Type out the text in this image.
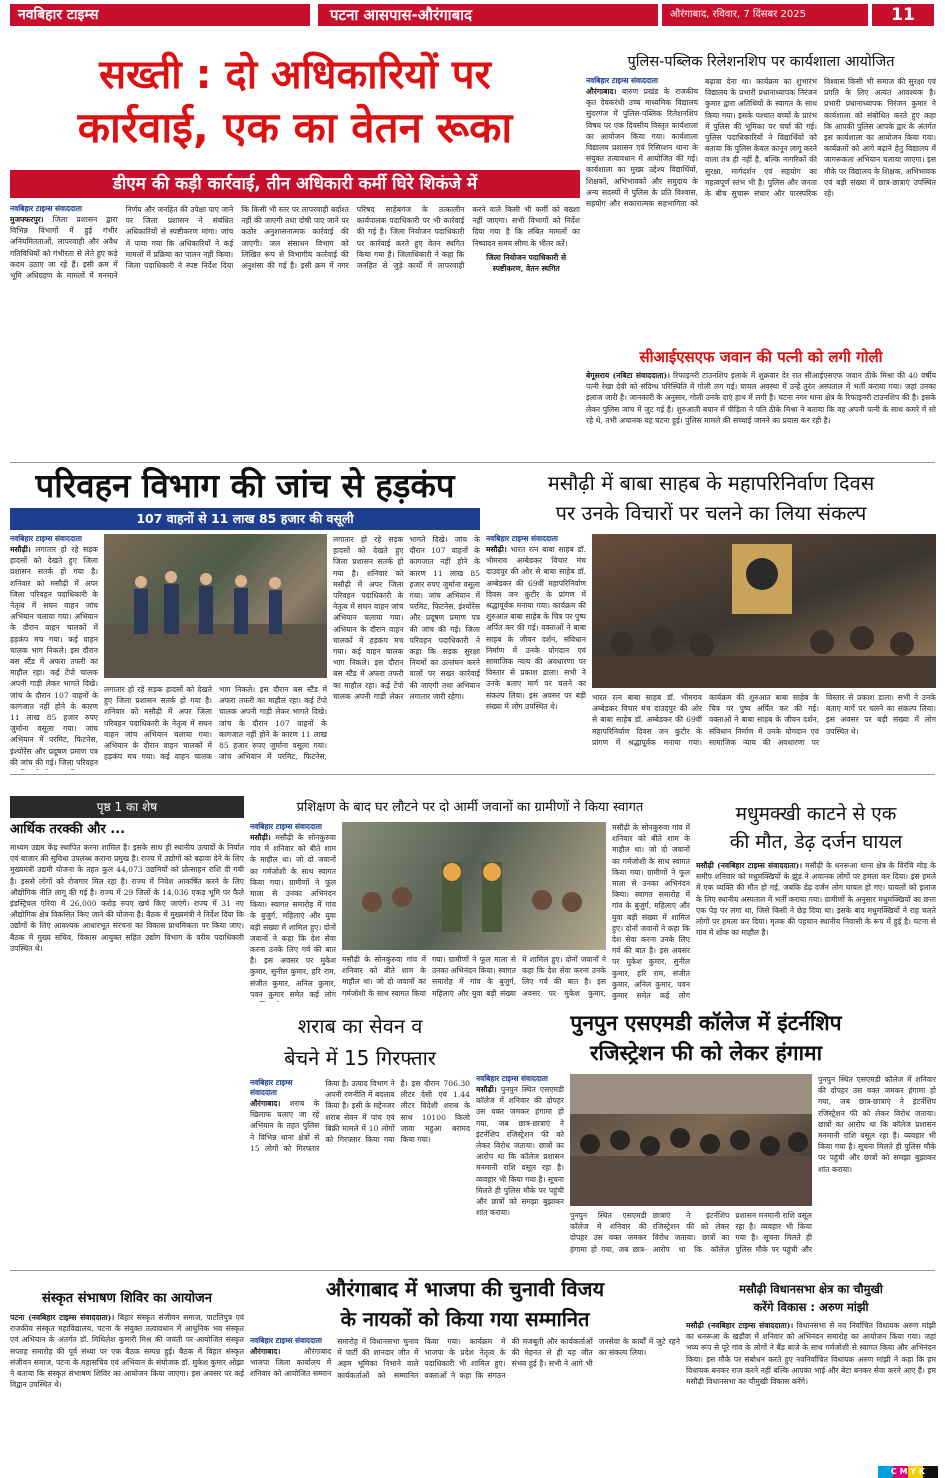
नवबिहार टाइम्स	पटना आसपास-औरंगाबाद	औरंगाबाद, रविवार, 7 दिंसबर 2025	11
सख्ती : दो अधिकारियों पर
कार्रवाई, एक का वेतन रूका
डीएम की कड़ी कार्रवाई, तीन अधिकारी कर्मी घिरे शिकंजे में
नवबिहार टाइम्स संवाददाता
मुजफ्फरपुर। जिला प्रशासन द्वारा विभिन्न विभागों में हुई गंभीर अनियमितताओं, लापरवाही और अवैध गतिविधियों को गंभीरता से लेते हुए कड़े कदम उठाए जा रहे हैं। इसी क्रम में भूमि अधिग्रहण के मामलों में मनमाने निर्णय और जनहित की उपेक्षा पाए जाने पर जिला प्रशासन ने संबंधित अधिकारियों से स्पष्टीकरण मांगा। जांच में पाया गया कि अधिकारियों ने कई मामलों में प्रक्रिया का पालन नहीं किया। जिला पदाधिकारी ने स्पष्ट निर्देश दिया कि किसी भी स्तर पर लापरवाही बर्दाश्त नहीं की जाएगी तथा दोषी पाए जाने पर कठोर अनुशासनात्मक कार्रवाई की जाएगी। जल संसाधन विभाग को लिखित रूप से विभागीय कार्रवाई की अनुशंसा की गई है। इसी क्रम में नगर परिषद साहेबगंज के तत्कालीन कार्यपालक पदाधिकारी पर भी कार्रवाई की गई है। जिला नियोजन पदाधिकारी पर कार्रवाई करते हुए वेतन स्थगित किया गया है। जिलाधिकारी ने कहा कि जनहित से जुड़े कार्यों में लापरवाही करने वाले किसी भी कर्मी को बख्शा नहीं जाएगा। सभी विभागों को निर्देश दिया गया है कि लंबित मामलों का निष्पादन समय सीमा के भीतर करें।
जिला नियोजन पदाधिकारी से स्पष्टीकरण, वेतन स्थगित
पुलिस-पब्लिक रिलेशनशिप पर कार्यशाला आयोजित
नवबिहार टाइम्स संवाददाता
औरंगाबाद। बारुण प्रखंड के राजकीय कृत देवकरंधी उच्च माध्यमिक विद्यालय सुंदरगंज में पुलिस-पब्लिक रिलेशनशिप विषय पर एक दिवसीय विस्तृत कार्यशाला का आयोजन किया गया। कार्यशाला विद्यालय प्रशासन एवं रिसिप्शन थाना के संयुक्त तत्वावधान में आयोजित की गई। कार्यशाला का मुख्य उद्देश्य विद्यार्थियों, शिक्षकों, अभिभावकों और समुदाय के अन्य सदस्यों में पुलिस के प्रति विश्वास, सहयोग और सकारात्मक सहभागिता को बढ़ावा देना था। कार्यक्रम का शुभारंभ विद्यालय के प्रभारी प्रधानाध्यापक निरंजन कुमार द्वारा अतिथियों के स्वागत के साथ किया गया। इसके पश्चात बच्चों के प्रारंभ में पुलिस की भूमिका पर चर्चा की गई। पुलिस पदाधिकारियों ने विद्यार्थियों को बताया कि पुलिस केवल कानून लागू करने वाला तंत्र ही नहीं है, बल्कि नागरिकों की सुरक्षा, मार्गदर्शन एवं सहयोग का महत्वपूर्ण स्तंभ भी है। पुलिस और जनता के बीच सुचारू संचार और पारस्परिक विश्वास किसी भी समाज की सुरक्षा एवं प्रगति के लिए अत्यंत आवश्यक है। प्रभारी प्रधानाध्यापक निरंजन कुमार ने कार्यशाला को संबोधित करते हुए कहा कि आपकी पुलिस आपके द्वार के अंतर्गत इस कार्यशाला का आयोजन किया गया। कार्यक्रमों को आगे बढ़ाने हेतु विद्यालय में जागरूकता अभियान चलाया जाएगा। इस मौके पर विद्यालय के शिक्षक, अभिभावक एवं बड़ी संख्या में छात्र-छात्राएं उपस्थित रहे।
सीआईएसएफ जवान की पत्नी को लगी गोली
बेगूसराय (नबिटा संवाददाता)। रिफाइनरी टाउनशिप इलाके में शुक्रवार देर रात सीआईएसएफ जवान ठीके मिश्रा की 40 वर्षीय पत्नी रेखा देवी को संदिग्ध परिस्थिति में गोली लग गई। घायल अवस्था में उन्हें तुरंत अस्पताल में भर्ती कराया गया। जहां उनका इलाज जारी है। जानकारी के अनुसार, गोली उनके दाएं हाथ में लगी है। घटना नगर थाना क्षेत्र के रिफाइनरी टाउनशिप की है। इसके लेकर पुलिस जांच में जुट गई है। शुरुआती बयान में पीड़िता ने पति ठीके मिश्रा ने बताया कि वह अपनी पत्नी के साथ कमरे में सो रहे थे, तभी अचानक यह घटना हुई। पुलिस मामले की सच्चाई जानने का प्रयास कर रही है।
परिवहन विभाग की जांच से हड़कंप
107 वाहनों से 11 लाख 85 हजार की वसूली
नवबिहार टाइम्स संवाददाता
मसौढ़ी। लगातार हो रहे सड़क हादसों को देखते हुए जिला प्रशासन सतर्क हो गया है। शनिवार को मसौढ़ी में अपर जिला परिवहन पदाधिकारी के नेतृत्व में सघन वाहन जांच अभियान चलाया गया। अभियान के दौरान वाहन चालकों में हड़कंप मच गया। कई वाहन चालक भाग निकले। इस दौरान बस स्टैंड में अफरा तफरी का माहौल रहा। कई टेंपो चालक अपनी गाड़ी लेकर भागते दिखे। जांच के दौरान 107 वाहनों के कागजात नहीं होने के कारण 11 लाख 85 हजार रुपए जुर्माना वसूला गया। जांच अभियान में परमिट, फिटनेस, इंश्योरेंस और प्रदूषण प्रमाण पत्र की जांच की गई। जिला परिवहन
लगातार हो रहे सड़क हादसों को देखते हुए जिला प्रशासन सतर्क हो गया है। शनिवार को मसौढ़ी में अपर जिला परिवहन पदाधिकारी के नेतृत्व में सघन वाहन जांच अभियान चलाया गया। अभियान के दौरान वाहन चालकों में हड़कंप मच गया। कई वाहन चालक भाग निकले। इस दौरान बस स्टैंड में अफरा तफरी का माहौल रहा। कई टेंपो चालक अपनी गाड़ी लेकर भागते दिखे। जांच के दौरान 107 वाहनों के कागजात नहीं होने के कारण 11 लाख 85 हजार रुपए जुर्माना वसूला गया। जांच अभियान में परमिट, फिटनेस,
लगातार हो रहे सड़क हादसों को देखते हुए जिला प्रशासन सतर्क हो गया है। शनिवार को मसौढ़ी में अपर जिला परिवहन पदाधिकारी के नेतृत्व में सघन वाहन जांच अभियान चलाया गया। अभियान के दौरान वाहन चालकों में हड़कंप मच गया। कई वाहन चालक भाग निकले। इस दौरान बस स्टैंड में अफरा तफरी का माहौल रहा। कई टेंपो चालक अपनी गाड़ी लेकर भागते दिखे। जांच के दौरान 107 वाहनों के कागजात नहीं होने के कारण 11 लाख 85 हजार रुपए जुर्माना वसूला गया। जांच अभियान में परमिट, फिटनेस, इंश्योरेंस और प्रदूषण प्रमाण पत्र की जांच की गई। जिला परिवहन पदाधिकारी ने कहा कि सड़क सुरक्षा नियमों का उल्लंघन करने वालों पर सख्त कार्रवाई की जाएगी तथा अभियान लगातार जारी रहेगा।
मसौढ़ी में बाबा साहब के महापरिनिर्वाण दिवस
पर उनके विचारों पर चलने का लिया संकल्प
नवबिहार टाइम्स संवाददाता
मसौढ़ी। भारत रत्न बाबा साहब डॉ. भीमराव अम्बेडकर विचार मंच दाउदपुर की ओर से बाबा साहेब डॉ. अम्बेडकर की 69वीं महापरिनिर्वाण दिवस जन कुटीर के प्रांगण में श्रद्धापूर्वक मनाया गया। कार्यक्रम की शुरुआत बाबा साहेब के चित्र पर पुष्प अर्पित कर की गई। वक्ताओं ने बाबा साहब के जीवन दर्शन, संविधान निर्माण में उनके योगदान एवं सामाजिक न्याय की अवधारणा पर विस्तार से प्रकाश डाला। सभी ने उनके बताए मार्ग पर चलने का संकल्प लिया। इस अवसर पर बड़ी संख्या में लोग उपस्थित थे।
भारत रत्न बाबा साहब डॉ. भीमराव अम्बेडकर विचार मंच दाउदपुर की ओर से बाबा साहेब डॉ. अम्बेडकर की 69वीं महापरिनिर्वाण दिवस जन कुटीर के प्रांगण में श्रद्धापूर्वक मनाया गया। कार्यक्रम की शुरुआत बाबा साहेब के चित्र पर पुष्प अर्पित कर की गई। वक्ताओं ने बाबा साहब के जीवन दर्शन, संविधान निर्माण में उनके योगदान एवं सामाजिक न्याय की अवधारणा पर विस्तार से प्रकाश डाला। सभी ने उनके बताए मार्ग पर चलने का संकल्प लिया। इस अवसर पर बड़ी संख्या में लोग उपस्थित थे।
पृष्ठ 1 का शेष
आर्थिक तरक्की और ...
माध्यम उद्यम केंद्र स्थापित करना शामिल है। इसके साथ ही स्थानीय उत्पादों के निर्यात एवं बाजार की सुविधा उपलब्ध कराना प्रमुख है। राज्य में उद्योगों को बढ़ावा देने के लिए मुख्यमंत्री उद्यमी योजना के तहत कुल 44,073 उद्यमियों को प्रोत्साहन राशि दी गयी है। इससे लोगों को रोजगार मिल रहा है। राज्य में निवेश आकर्षित करने के लिए औद्योगिक नीति लागू की गई है। राज्य में 29 जिलों के 14,036 एकड़ भूमि पर फैले इंडस्ट्रियल एरिया में 26,000 करोड़ रुपए खर्च किए जाएंगे। राज्य में 31 नए औद्योगिक क्षेत्र विकसित किए जाने की योजना है। बैठक में मुख्यमंत्री ने निर्देश दिया कि उद्योगों के लिए आवश्यक आधारभूत संरचना का विकास प्राथमिकता पर किया जाए। बैठक में मुख्य सचिव, विकास आयुक्त सहित उद्योग विभाग के वरीय पदाधिकारी उपस्थित थे।
प्रशिक्षण के बाद घर लौटने पर दो आर्मी जवानों का ग्रामीणों ने किया स्वागत
नवबिहार टाइम्स संवाददाता
मसौढ़ी। मसौढ़ी के सोनकुरुवा गांव में शनिवार को बीते शाम के माहौल था। जो दो जवानों का गर्मजोशी के साथ स्वागत किया गया। ग्रामीणों ने फूल माला से उनका अभिनंदन किया। स्वागत समारोह में गांव के बुजुर्ग, महिलाएं और युवा बड़ी संख्या में शामिल हुए। दोनों जवानों ने कहा कि देश सेवा करना उनके लिए गर्व की बात है। इस अवसर पर मुकेश कुमार, सुनील कुमार, हरि राम, संजीत कुमार, अनिल कुमार, पवन कुमार समेत कई लोग
मसौढ़ी के सोनकुरुवा गांव में शनिवार को बीते शाम के माहौल था। जो दो जवानों का गर्मजोशी के साथ स्वागत किया गया। ग्रामीणों ने फूल माला से उनका अभिनंदन किया। स्वागत समारोह में गांव के बुजुर्ग, महिलाएं और युवा बड़ी संख्या में शामिल हुए। दोनों जवानों ने कहा कि देश सेवा करना उनके लिए गर्व की बात है। इस अवसर पर मुकेश कुमार,
मसौढ़ी के सोनकुरुवा गांव में शनिवार को बीते शाम के माहौल था। जो दो जवानों का गर्मजोशी के साथ स्वागत किया गया। ग्रामीणों ने फूल माला से उनका अभिनंदन किया। स्वागत समारोह में गांव के बुजुर्ग, महिलाएं और युवा बड़ी संख्या में शामिल हुए। दोनों जवानों ने कहा कि देश सेवा करना उनके लिए गर्व की बात है। इस अवसर पर मुकेश कुमार, सुनील कुमार, हरि राम, संजीत कुमार, अनिल कुमार, पवन कुमार समेत कई लोग
मधुमक्खी काटने से एक
की मौत, डेढ़ दर्जन घायल
मसौढ़ी (नवबिहार टाइम्स संवाददाता)। मसौढ़ी के धनरूआ थाना क्षेत्र के विरंचि मोड़ के समीप शनिवार को मधुमक्खियों के झुंड ने अचानक लोगों पर हमला कर दिया। इस हमले में एक व्यक्ति की मौत हो गई, जबकि डेढ़ दर्जन लोग घायल हो गए। घायलों को इलाज के लिए स्थानीय अस्पताल में भर्ती कराया गया। ग्रामीणों के अनुसार मधुमक्खियों का छत्ता एक पेड़ पर लगा था, जिसे किसी ने छेड़ दिया था। इसके बाद मधुमक्खियों ने राह चलते लोगों पर हमला कर दिया। मृतक की पहचान स्थानीय निवासी के रूप में हुई है। घटना से गांव में शोक का माहौल है।
शराब का सेवन व
बेचने में 15 गिरफ्तार
नवबिहार टाइम्स संवाददाता
औरंगाबाद। शराब के खिलाफ चलाए जा रहे अभियान के तहत पुलिस ने विभिन्न थाना क्षेत्रों से 15 लोगों को गिरफ्तार किया है। उत्पाद विभाग ने अपनी रणनीति में बदलाव किया है। इसी के मद्देनजर शराब सेवन में पांच एवं बिक्री मामले में 10 लोगों को गिरफ्तार किया गया है। इस दौरान 706.30 लीटर देसी एवं 1.44 लीटर विदेशी शराब के साथ 10100 किलो जावा महुआ बरामद किया गया।
पुनपुन एसएमडी कॉलेज में इंटर्नशिप
रजिस्ट्रेशन फी को लेकर हंगामा
नवबिहार टाइम्स संवाददाता
मसौढ़ी। पुनपुन स्थित एसएमडी कॉलेज में शनिवार की दोपहर उस वक्त जमकर हंगामा हो गया, जब छात्र-छात्राएं ने इंटर्नशिप रजिस्ट्रेशन फी को लेकर विरोध जताया। छात्रों का आरोप था कि कॉलेज प्रशासन मनमानी राशि वसूल रहा है। व्यवहार भी किया गया है। सूचना मिलते ही पुलिस मौके पर पहुंची और छात्रों को समझा बुझाकर शांत कराया।	पुनपुन स्थित एसएमडी कॉलेज में शनिवार की दोपहर उस वक्त जमकर हंगामा हो गया, जब छात्र-छात्राएं ने इंटर्नशिप रजिस्ट्रेशन फी को लेकर विरोध जताया। छात्रों का आरोप था कि कॉलेज प्रशासन मनमानी राशि वसूल रहा है। व्यवहार भी किया गया है। सूचना मिलते ही पुलिस मौके पर पहुंची और
पुनपुन स्थित एसएमडी कॉलेज में शनिवार की दोपहर उस वक्त जमकर हंगामा हो गया, जब छात्र-छात्राएं ने इंटर्नशिप रजिस्ट्रेशन फी को लेकर विरोध जताया। छात्रों का आरोप था कि कॉलेज प्रशासन मनमानी राशि वसूल रहा है। व्यवहार भी किया गया है। सूचना मिलते ही पुलिस मौके पर पहुंची और छात्रों को समझा बुझाकर शांत कराया।
औरंगाबाद में भाजपा की चुनावी विजय
के नायकों को किया गया सम्मानित
नवबिहार टाइम्स संवाददाता
औरंगाबाद।	औरंगाबाद भाजपा जिला कार्यालय में शनिवार को आयोजित सम्मान समारोह में विधानसभा चुनाव में पार्टी की शानदार जीत में अहम भूमिका निभाने वाले कार्यकर्ताओं को सम्मानित किया गया। कार्यक्रम में भाजपा के प्रदेश नेतृत्व के पदाधिकारी भी शामिल हुए। वक्ताओं ने कहा कि संगठन की मजबूती और कार्यकर्ताओं की मेहनत से ही यह जीत संभव हुई है। सभी ने आगे भी जनसेवा के कार्यों में जुटे रहने का संकल्प लिया।
संस्कृत संभाषण शिविर का आयोजन
पटना (नवबिहार टाइम्स संवाददाता)। बिहार संस्कृत संजीवन समाज, पाटलिपुत्र एवं राजकीय संस्कृत महाविद्यालय, पटना के संयुक्त तत्वावधान में आधुनिक भव संस्कृत एवं अभियान के अंतर्गत डॉ. मिथिलेश कुमारी मिश्र की जयंती पर आयोजित संस्कृत सप्ताह समारोह की पूर्व संध्या पर एक बैठक सम्पन्न हुई। बैठक में बिहार संस्कृत संजीवन समाज, पटना के महासचिव एवं अभियान के संयोजक डॉ. मुकेश कुमार ओझा ने बताया कि संस्कृत संभाषण शिविर का आयोजन किया जाएगा। इस अवसर पर कई विद्वान उपस्थित थे।
मसौढ़ी विधानसभा क्षेत्र का चौमुखी
करेंगे विकास : अरुण मांझी
मसौढ़ी (नवबिहार टाइम्स संवाददाता)। विधानसभा से नव निर्वाचित विधायक अरुण मांझी का धनरूआ के खड़ौवा में शनिवार को अभिनंदन समारोह का आयोजन किया गया। जहां भव्य रूप से पूरे गांव के लोगों ने बैंड बाजे के साथ गर्मजोशी से स्वागत किया और अभिनंदन किया। इस मौके पर संबोधन करते हुए नवनिर्वाचित विधायक अरुण मांझी ने कहा कि हम विधायक बनकर राज करने नहीं बल्कि आपका भाई और बेटा बनकर सेवा करने आए हैं। हम मसौढ़ी विधानसभा का चौमुखी विकास करेंगे।
C M Y K
